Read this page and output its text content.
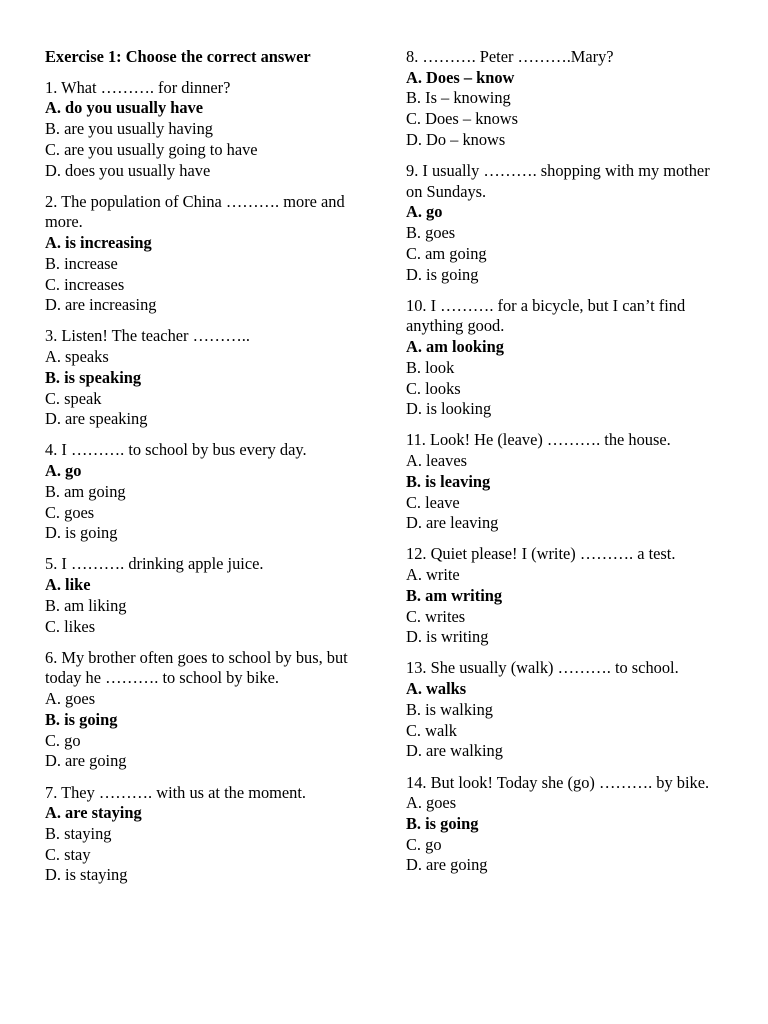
Exercise 1: Choose the correct answer

1. What ………. for dinner?

A. do you usually have

B. are you usually having

C. are you usually going to have

D. does you usually have

2. The population of China ………. more and more.

A. is increasing

B. increase

C. increases

D. are increasing

3. Listen! The teacher ………..

A. speaks

B. is speaking

C. speak

D. are speaking

4. I ………. to school by bus every day.

A. go

B. am going

C. goes

D. is going

5. I ………. drinking apple juice.

A. like

B. am liking

C. likes

6. My brother often goes to school by bus, but today he ………. to school by bike.

A. goes

B. is going

C. go

D. are going

7. They ………. with us at the moment.

A. are staying

B. staying

C. stay

D. is staying

8. ………. Peter ……….Mary?

A. Does – know

B. Is – knowing

C. Does – knows

D. Do – knows

9. I usually ………. shopping with my mother on Sundays.

A. go

B. goes

C. am going

D. is going

10. I ………. for a bicycle, but I can’t find anything good.

A. am looking

B. look

C. looks

D. is looking

11. Look! He (leave) ………. the house.

A. leaves

B. is leaving

C. leave

D. are leaving

12. Quiet please! I (write) ………. a test.

A. write

B. am writing

C. writes

D. is writing

13. She usually (walk) ………. to school.

A. walks

B. is walking

C. walk

D. are walking

14. But look! Today she (go) ………. by bike.

A. goes

B. is going

C. go

D. are going
